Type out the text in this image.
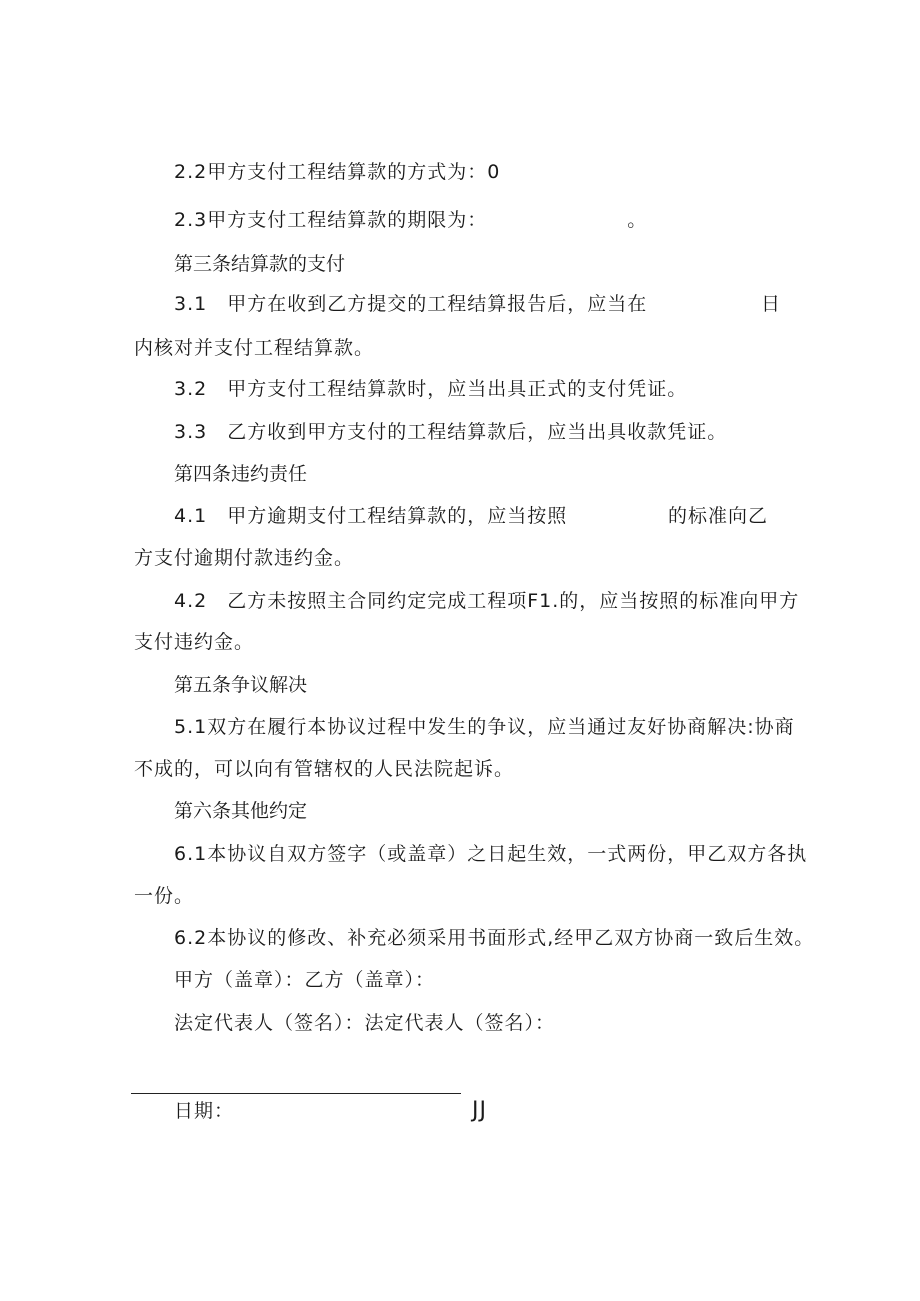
2.2甲方支付工程结算款的方式为：0
2.3甲方支付工程结算款的期限为：	。
第三条结算款的支付
3.1　甲方在收到乙方提交的工程结算报告后，应当在	日
内核对并支付工程结算款。
3.2　甲方支付工程结算款时，应当出具正式的支付凭证。
3.3　乙方收到甲方支付的工程结算款后，应当出具收款凭证。
第四条违约责任
4.1　甲方逾期支付工程结算款的，应当按照	的标准向乙
方支付逾期付款违约金。
4.2　乙方未按照主合同约定完成工程项F1.的，应当按照的标准向甲方
支付违约金。
第五条争议解决
5.1双方在履行本协议过程中发生的争议，应当通过友好协商解决:协商
不成的，可以向有管辖权的人民法院起诉。
第六条其他约定
6.1本协议自双方签字（或盖章）之日起生效，一式两份，甲乙双方各执
一份。
6.2本协议的修改、补充必须采用书面形式,经甲乙双方协商一致后生效。
甲方（盖章）：乙方（盖章）：
法定代表人（签名）：法定代表人（签名）：
日期：	JJ
